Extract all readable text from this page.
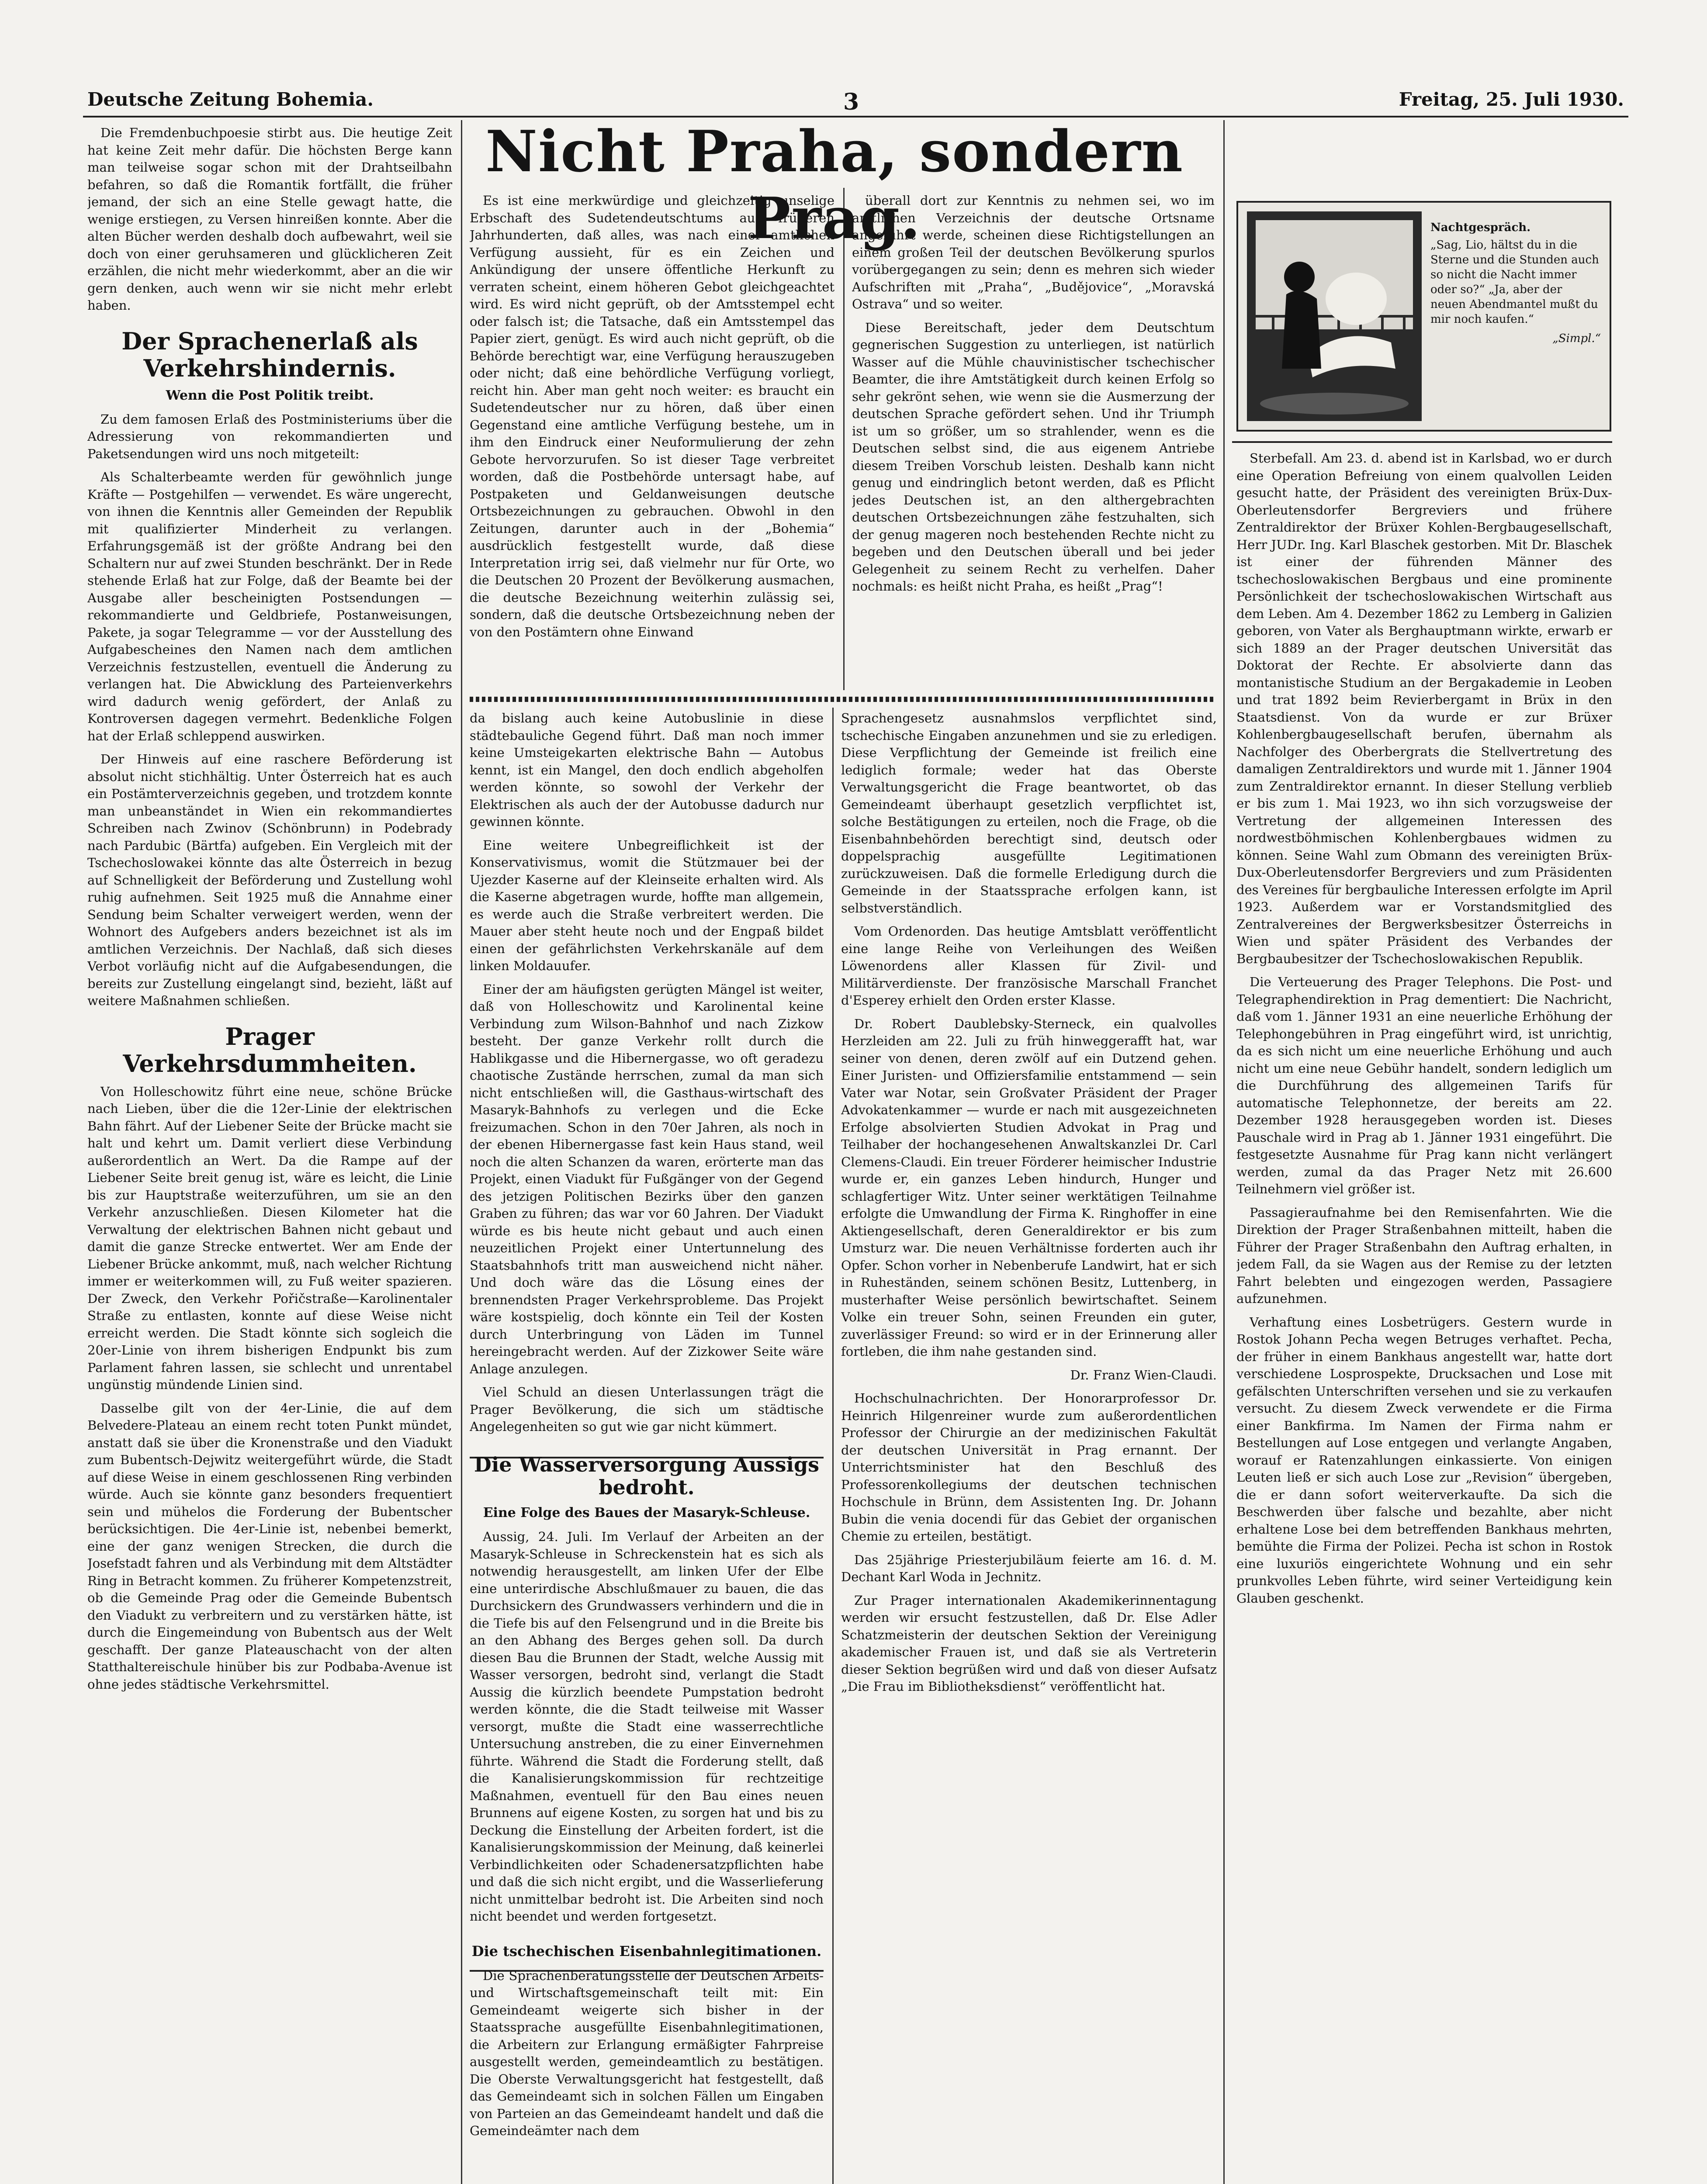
Deutsche Zeitung Bohemia.	3	Freitag, 25. Juli 1930.
Nicht Praha, sondern Prag.

Die Fremdenbuchpoesie stirbt aus. Die heutige Zeit hat keine Zeit mehr dafür. Die höchsten Berge kann man teilweise sogar schon mit der Drahtseilbahn befahren, so daß die Romantik fortfällt, die früher jemand, der sich an eine Stelle gewagt hatte, die wenige erstiegen, zu Versen hinreißen konnte. Aber die alten Bücher werden deshalb doch aufbewahrt, weil sie doch von einer geruhsameren und glücklicheren Zeit erzählen, die nicht mehr wiederkommt, aber an die wir gern denken, auch wenn wir sie nicht mehr erlebt haben.

Der Sprachenerlaß als Verkehrshindernis.
Wenn die Post Politik treibt.

Zu dem famosen Erlaß des Postministeriums über die Adressierung von rekommandierten und Paketsendungen wird uns noch mitgeteilt:

Als Schalterbeamte werden für gewöhnlich junge Kräfte — Postgehilfen — verwendet. Es wäre ungerecht, von ihnen die Kenntnis aller Gemeinden der Republik mit qualifizierter Minderheit zu verlangen. Erfahrungsgemäß ist der größte Andrang bei den Schaltern nur auf zwei Stunden beschränkt. Der in Rede stehende Erlaß hat zur Folge, daß der Beamte bei der Ausgabe aller bescheinigten Postsendungen — rekommandierte und Geldbriefe, Postanweisungen, Pakete, ja sogar Telegramme — vor der Ausstellung des Aufgabescheines den Namen nach dem amtlichen Verzeichnis festzustellen, eventuell die Änderung zu verlangen hat. Die Abwicklung des Parteienverkehrs wird dadurch wenig gefördert, der Anlaß zu Kontroversen dagegen vermehrt. Bedenkliche Folgen hat der Erlaß schleppend auswirken.

Der Hinweis auf eine raschere Beförderung ist absolut nicht stichhältig. Unter Österreich hat es auch ein Postämterverzeichnis gegeben, und trotzdem konnte man unbeanständet in Wien ein rekommandiertes Schreiben nach Zwinov (Schönbrunn) in Podebrady nach Pardubic (Bärtfa) aufgeben. Ein Vergleich mit der Tschechoslowakei könnte das alte Österreich in bezug auf Schnelligkeit der Beförderung und Zustellung wohl ruhig aufnehmen. Seit 1925 muß die Annahme einer Sendung beim Schalter verweigert werden, wenn der Wohnort des Aufgebers anders bezeichnet ist als im amtlichen Verzeichnis. Der Nachlaß, daß sich dieses Verbot vorläufig nicht auf die Aufgabesendungen, die bereits zur Zustellung eingelangt sind, bezieht, läßt auf weitere Maßnahmen schließen.

Prager Verkehrsdummheiten.

Von Holleschowitz führt eine neue, schöne Brücke nach Lieben, über die die 12er-Linie der elektrischen Bahn fährt. Auf der Liebener Seite der Brücke macht sie halt und kehrt um. Damit verliert diese Verbindung außerordentlich an Wert. Da die Rampe auf der Liebener Seite breit genug ist, wäre es leicht, die Linie bis zur Hauptstraße weiterzuführen, um sie an den Verkehr anzuschließen. Diesen Kilometer hat die Verwaltung der elektrischen Bahnen nicht gebaut und damit die ganze Strecke entwertet. Wer am Ende der Liebener Brücke ankommt, muß, nach welcher Richtung immer er weiterkommen will, zu Fuß weiter spazieren. Der Zweck, den Verkehr Pořičstraße—Karolinentaler Straße zu entlasten, konnte auf diese Weise nicht erreicht werden. Die Stadt könnte sich sogleich die 20er-Linie von ihrem bisherigen Endpunkt bis zum Parlament fahren lassen, sie schlecht und unrentabel ungünstig mündende Linien sind.

Dasselbe gilt von der 4er-Linie, die auf dem Belvedere-Plateau an einem recht toten Punkt mündet, anstatt daß sie über die Kronenstraße und den Viadukt zum Bubentsch-Dejwitz weitergeführt würde, die Stadt auf diese Weise in einem geschlossenen Ring verbinden würde. Auch sie könnte ganz besonders frequentiert sein und mühelos die Forderung der Bubentscher berücksichtigen. Die 4er-Linie ist, nebenbei bemerkt, eine der ganz wenigen Strecken, die durch die Josefstadt fahren und als Verbindung mit dem Altstädter Ring in Betracht kommen. Zu früherer Kompetenzstreit, ob die Gemeinde Prag oder die Gemeinde Bubentsch den Viadukt zu verbreitern und zu verstärken hätte, ist durch die Eingemeindung von Bubentsch aus der Welt geschafft. Der ganze Plateauschacht von der alten Statthaltereischule hinüber bis zur Podbaba-Avenue ist ohne jedes städtische Verkehrsmittel.

Es ist eine merkwürdige und gleichzeitig unselige Erbschaft des Sudetendeutschtums aus früheren Jahrhunderten, daß alles, was nach einer amtlichen Verfügung aussieht, für es ein Zeichen und Ankündigung der unsere öffentliche Herkunft zu verraten scheint, einem höheren Gebot gleichgeachtet wird. Es wird nicht geprüft, ob der Amtsstempel echt oder falsch ist; die Tatsache, daß ein Amtsstempel das Papier ziert, genügt. Es wird auch nicht geprüft, ob die Behörde berechtigt war, eine Verfügung herauszugeben oder nicht; daß eine behördliche Verfügung vorliegt, reicht hin. Aber man geht noch weiter: es braucht ein Sudetendeutscher nur zu hören, daß über einen Gegenstand eine amtliche Verfügung bestehe, um in ihm den Eindruck einer Neuformulierung der zehn Gebote hervorzurufen. So ist dieser Tage verbreitet worden, daß die Postbehörde untersagt habe, auf Postpaketen und Geldanweisungen deutsche Ortsbezeichnungen zu gebrauchen. Obwohl in den Zeitungen, darunter auch in der „Bohemia“ ausdrücklich festgestellt wurde, daß diese Interpretation irrig sei, daß vielmehr nur für Orte, wo die Deutschen 20 Prozent der Bevölkerung ausmachen, die deutsche Bezeichnung weiterhin zulässig sei, sondern, daß die deutsche Ortsbezeichnung neben der von den Postämtern ohne Einwand

überall dort zur Kenntnis zu nehmen sei, wo im amtlichen Verzeichnis der deutsche Ortsname angeführt werde, scheinen diese Richtigstellungen an einem großen Teil der deutschen Bevölkerung spurlos vorübergegangen zu sein; denn es mehren sich wieder Aufschriften mit „Praha“, „Budějovice“, „Moravská Ostrava“ und so weiter.

Diese Bereitschaft, jeder dem Deutschtum gegnerischen Suggestion zu unterliegen, ist natürlich Wasser auf die Mühle chauvinistischer tschechischer Beamter, die ihre Amtstätigkeit durch keinen Erfolg so sehr gekrönt sehen, wie wenn sie die Ausmerzung der deutschen Sprache gefördert sehen. Und ihr Triumph ist um so größer, um so strahlender, wenn es die Deutschen selbst sind, die aus eigenem Antriebe diesem Treiben Vorschub leisten. Deshalb kann nicht genug und eindringlich betont werden, daß es Pflicht jedes Deutschen ist, an den althergebrachten deutschen Ortsbezeichnungen zähe festzuhalten, sich der genug mageren noch bestehenden Rechte nicht zu begeben und den Deutschen überall und bei jeder Gelegenheit zu seinem Recht zu verhelfen. Daher nochmals: es heißt nicht Praha, es heißt „Prag“!

da bislang auch keine Autobuslinie in diese städtebauliche Gegend führt. Daß man noch immer keine Umsteigekarten elektrische Bahn — Autobus kennt, ist ein Mangel, den doch endlich abgeholfen werden könnte, so sowohl der Verkehr der Elektrischen als auch der der Autobusse dadurch nur gewinnen könnte.

Eine weitere Unbegreiflichkeit ist der Konservativismus, womit die Stützmauer bei der Ujezder Kaserne auf der Kleinseite erhalten wird. Als die Kaserne abgetragen wurde, hoffte man allgemein, es werde auch die Straße verbreitert werden. Die Mauer aber steht heute noch und der Engpaß bildet einen der gefährlichsten Verkehrskanäle auf dem linken Moldauufer.

Einer der am häufigsten gerügten Mängel ist weiter, daß von Holleschowitz und Karolinental keine Verbindung zum Wilson-Bahnhof und nach Zizkow besteht. Der ganze Verkehr rollt durch die Hablikgasse und die Hibernergasse, wo oft geradezu chaotische Zustände herrschen, zumal da man sich nicht entschließen will, die Gasthaus-wirtschaft des Masaryk-Bahnhofs zu verlegen und die Ecke freizumachen. Schon in den 70er Jahren, als noch in der ebenen Hibernergasse fast kein Haus stand, weil noch die alten Schanzen da waren, erörterte man das Projekt, einen Viadukt für Fußgänger von der Gegend des jetzigen Politischen Bezirks über den ganzen Graben zu führen; das war vor 60 Jahren. Der Viadukt würde es bis heute nicht gebaut und auch einen neuzeitlichen Projekt einer Untertunnelung des Staatsbahnhofs tritt man ausweichend nicht näher. Und doch wäre das die Lösung eines der brennendsten Prager Verkehrsprobleme. Das Projekt wäre kostspielig, doch könnte ein Teil der Kosten durch Unterbringung von Läden im Tunnel hereingebracht werden. Auf der Zizkower Seite wäre Anlage anzulegen.

Viel Schuld an diesen Unterlassungen trägt die Prager Bevölkerung, die sich um städtische Angelegenheiten so gut wie gar nicht kümmert.

Die Wasserversorgung Aussigs bedroht.
Eine Folge des Baues der Masaryk-Schleuse.

Aussig, 24. Juli. Im Verlauf der Arbeiten an der Masaryk-Schleuse in Schreckenstein hat es sich als notwendig herausgestellt, am linken Ufer der Elbe eine unterirdische Abschlußmauer zu bauen, die das Durchsickern des Grundwassers verhindern und die in die Tiefe bis auf den Felsengrund und in die Breite bis an den Abhang des Berges gehen soll. Da durch diesen Bau die Brunnen der Stadt, welche Aussig mit Wasser versorgen, bedroht sind, verlangt die Stadt Aussig die kürzlich beendete Pumpstation bedroht werden könnte, die die Stadt teilweise mit Wasser versorgt, mußte die Stadt eine wasserrechtliche Untersuchung anstreben, die zu einer Einvernehmen führte. Während die Stadt die Forderung stellt, daß die Kanalisierungskommission für rechtzeitige Maßnahmen, eventuell für den Bau eines neuen Brunnens auf eigene Kosten, zu sorgen hat und bis zu Deckung die Einstellung der Arbeiten fordert, ist die Kanalisierungskommission der Meinung, daß keinerlei Verbindlichkeiten oder Schadenersatzpflichten habe und daß die sich nicht ergibt, und die Wasserlieferung nicht unmittelbar bedroht ist. Die Arbeiten sind noch nicht beendet und werden fortgesetzt.

Die tschechischen Eisenbahnlegitimationen.

Die Sprachenberatungsstelle der Deutschen Arbeits- und Wirtschaftsgemeinschaft teilt mit: Ein Gemeindeamt weigerte sich bisher in der Staatssprache ausgefüllte Eisenbahnlegitimationen, die Arbeitern zur Erlangung ermäßigter Fahrpreise ausgestellt werden, gemeindeamtlich zu bestätigen. Die Oberste Verwaltungsgericht hat festgestellt, daß das Gemeindeamt sich in solchen Fällen um Eingaben von Parteien an das Gemeindeamt handelt und daß die Gemeindeämter nach dem

Sprachengesetz ausnahmslos verpflichtet sind, tschechische Eingaben anzunehmen und sie zu erledigen. Diese Verpflichtung der Gemeinde ist freilich eine lediglich formale; weder hat das Oberste Verwaltungsgericht die Frage beantwortet, ob das Gemeindeamt überhaupt gesetzlich verpflichtet ist, solche Bestätigungen zu erteilen, noch die Frage, ob die Eisenbahnbehörden berechtigt sind, deutsch oder doppelsprachig ausgefüllte Legitimationen zurückzuweisen. Daß die formelle Erledigung durch die Gemeinde in der Staatssprache erfolgen kann, ist selbstverständlich.

Vom Ordenorden. Das heutige Amtsblatt veröffentlicht eine lange Reihe von Verleihungen des Weißen Löwenordens aller Klassen für Zivil- und Militärverdienste. Der französische Marschall Franchet d'Esperey erhielt den Orden erster Klasse.

Dr. Robert Daublebsky-Sterneck, ein qualvolles Herzleiden am 22. Juli zu früh hinweggerafft hat, war seiner von denen, deren zwölf auf ein Dutzend gehen. Einer Juristen- und Offiziersfamilie entstammend — sein Vater war Notar, sein Großvater Präsident der Prager Advokatenkammer — wurde er nach mit ausgezeichneten Erfolge absolvierten Studien Advokat in Prag und Teilhaber der hochangesehenen Anwaltskanzlei Dr. Carl Clemens-Claudi. Ein treuer Förderer heimischer Industrie wurde er, ein ganzes Leben hindurch, Hunger und schlagfertiger Witz. Unter seiner werktätigen Teilnahme erfolgte die Umwandlung der Firma K. Ringhoffer in eine Aktiengesellschaft, deren Generaldirektor er bis zum Umsturz war. Die neuen Verhältnisse forderten auch ihr Opfer. Schon vorher in Nebenberufe Landwirt, hat er sich in Ruheständen, seinem schönen Besitz, Luttenberg, in musterhafter Weise persönlich bewirtschaftet. Seinem Volke ein treuer Sohn, seinen Freunden ein guter, zuverlässiger Freund: so wird er in der Erinnerung aller fortleben, die ihm nahe gestanden sind.

Dr. Franz Wien-Claudi.

Hochschulnachrichten. Der Honorarprofessor Dr. Heinrich Hilgenreiner wurde zum außerordentlichen Professor der Chirurgie an der medizinischen Fakultät der deutschen Universität in Prag ernannt. Der Unterrichtsminister hat den Beschluß des Professorenkollegiums der deutschen technischen Hochschule in Brünn, dem Assistenten Ing. Dr. Johann Bubin die venia docendi für das Gebiet der organischen Chemie zu erteilen, bestätigt.

Das 25jährige Priesterjubiläum feierte am 16. d. M. Dechant Karl Woda in Jechnitz.

Zur Prager internationalen Akademikerinnentagung werden wir ersucht festzustellen, daß Dr. Else Adler Schatzmeisterin der deutschen Sektion der Vereinigung akademischer Frauen ist, und daß sie als Vertreterin dieser Sektion begrüßen wird und daß von dieser Aufsatz „Die Frau im Bibliotheksdienst“ veröffentlicht hat.

Nachtgespräch.
„Sag, Lio, hältst du in die Sterne und die Stunden auch so nicht die Nacht immer oder so?“ „Ja, aber der neuen Abendmantel mußt du mir noch kaufen.“
„Simpl.“

Sterbefall. Am 23. d. abend ist in Karlsbad, wo er durch eine Operation Befreiung von einem qualvollen Leiden gesucht hatte, der Präsident des vereinigten Brüx-Dux-Oberleutensdorfer Bergreviers und frühere Zentraldirektor der Brüxer Kohlen-Bergbaugesellschaft, Herr JUDr. Ing. Karl Blaschek gestorben. Mit Dr. Blaschek ist einer der führenden Männer des tschechoslowakischen Bergbaus und eine prominente Persönlichkeit der tschechoslowakischen Wirtschaft aus dem Leben. Am 4. Dezember 1862 zu Lemberg in Galizien geboren, von Vater als Berghauptmann wirkte, erwarb er sich 1889 an der Prager deutschen Universität das Doktorat der Rechte. Er absolvierte dann das montanistische Studium an der Bergakademie in Leoben und trat 1892 beim Revierbergamt in Brüx in den Staatsdienst. Von da wurde er zur Brüxer Kohlenbergbaugesellschaft berufen, übernahm als Nachfolger des Oberbergrats die Stellvertretung des damaligen Zentraldirektors und wurde mit 1. Jänner 1904 zum Zentraldirektor ernannt. In dieser Stellung verblieb er bis zum 1. Mai 1923, wo ihn sich vorzugsweise der Vertretung der allgemeinen Interessen des nordwestböhmischen Kohlenbergbaues widmen zu können. Seine Wahl zum Obmann des vereinigten Brüx-Dux-Oberleutensdorfer Bergreviers und zum Präsidenten des Vereines für bergbauliche Interessen erfolgte im April 1923. Außerdem war er Vorstandsmitglied des Zentralvereines der Bergwerksbesitzer Österreichs in Wien und später Präsident des Verbandes der Bergbaubesitzer der Tschechoslowakischen Republik.

Die Verteuerung des Prager Telephons. Die Post- und Telegraphendirektion in Prag dementiert: Die Nachricht, daß vom 1. Jänner 1931 an eine neuerliche Erhöhung der Telephongebühren in Prag eingeführt wird, ist unrichtig, da es sich nicht um eine neuerliche Erhöhung und auch nicht um eine neue Gebühr handelt, sondern lediglich um die Durchführung des allgemeinen Tarifs für automatische Telephonnetze, der bereits am 22. Dezember 1928 herausgegeben worden ist. Dieses Pauschale wird in Prag ab 1. Jänner 1931 eingeführt. Die festgesetzte Ausnahme für Prag kann nicht verlängert werden, zumal da das Prager Netz mit 26.600 Teilnehmern viel größer ist.

Passagieraufnahme bei den Remisenfahrten. Wie die Direktion der Prager Straßenbahnen mitteilt, haben die Führer der Prager Straßenbahn den Auftrag erhalten, in jedem Fall, da sie Wagen aus der Remise zu der letzten Fahrt belebten und eingezogen werden, Passagiere aufzunehmen.

Verhaftung eines Losbetrügers. Gestern wurde in Rostok Johann Pecha wegen Betruges verhaftet. Pecha, der früher in einem Bankhaus angestellt war, hatte dort verschiedene Losprospekte, Drucksachen und Lose mit gefälschten Unterschriften versehen und sie zu verkaufen versucht. Zu diesem Zweck verwendete er die Firma einer Bankfirma. Im Namen der Firma nahm er Bestellungen auf Lose entgegen und verlangte Angaben, worauf er Ratenzahlungen einkassierte. Von einigen Leuten ließ er sich auch Lose zur „Revision“ übergeben, die er dann sofort weiterverkaufte. Da sich die Beschwerden über falsche und bezahlte, aber nicht erhaltene Lose bei dem betreffenden Bankhaus mehrten, bemühte die Firma der Polizei. Pecha ist schon in Rostok eine luxuriös eingerichtete Wohnung und ein sehr prunkvolles Leben führte, wird seiner Verteidigung kein Glauben geschenkt.
